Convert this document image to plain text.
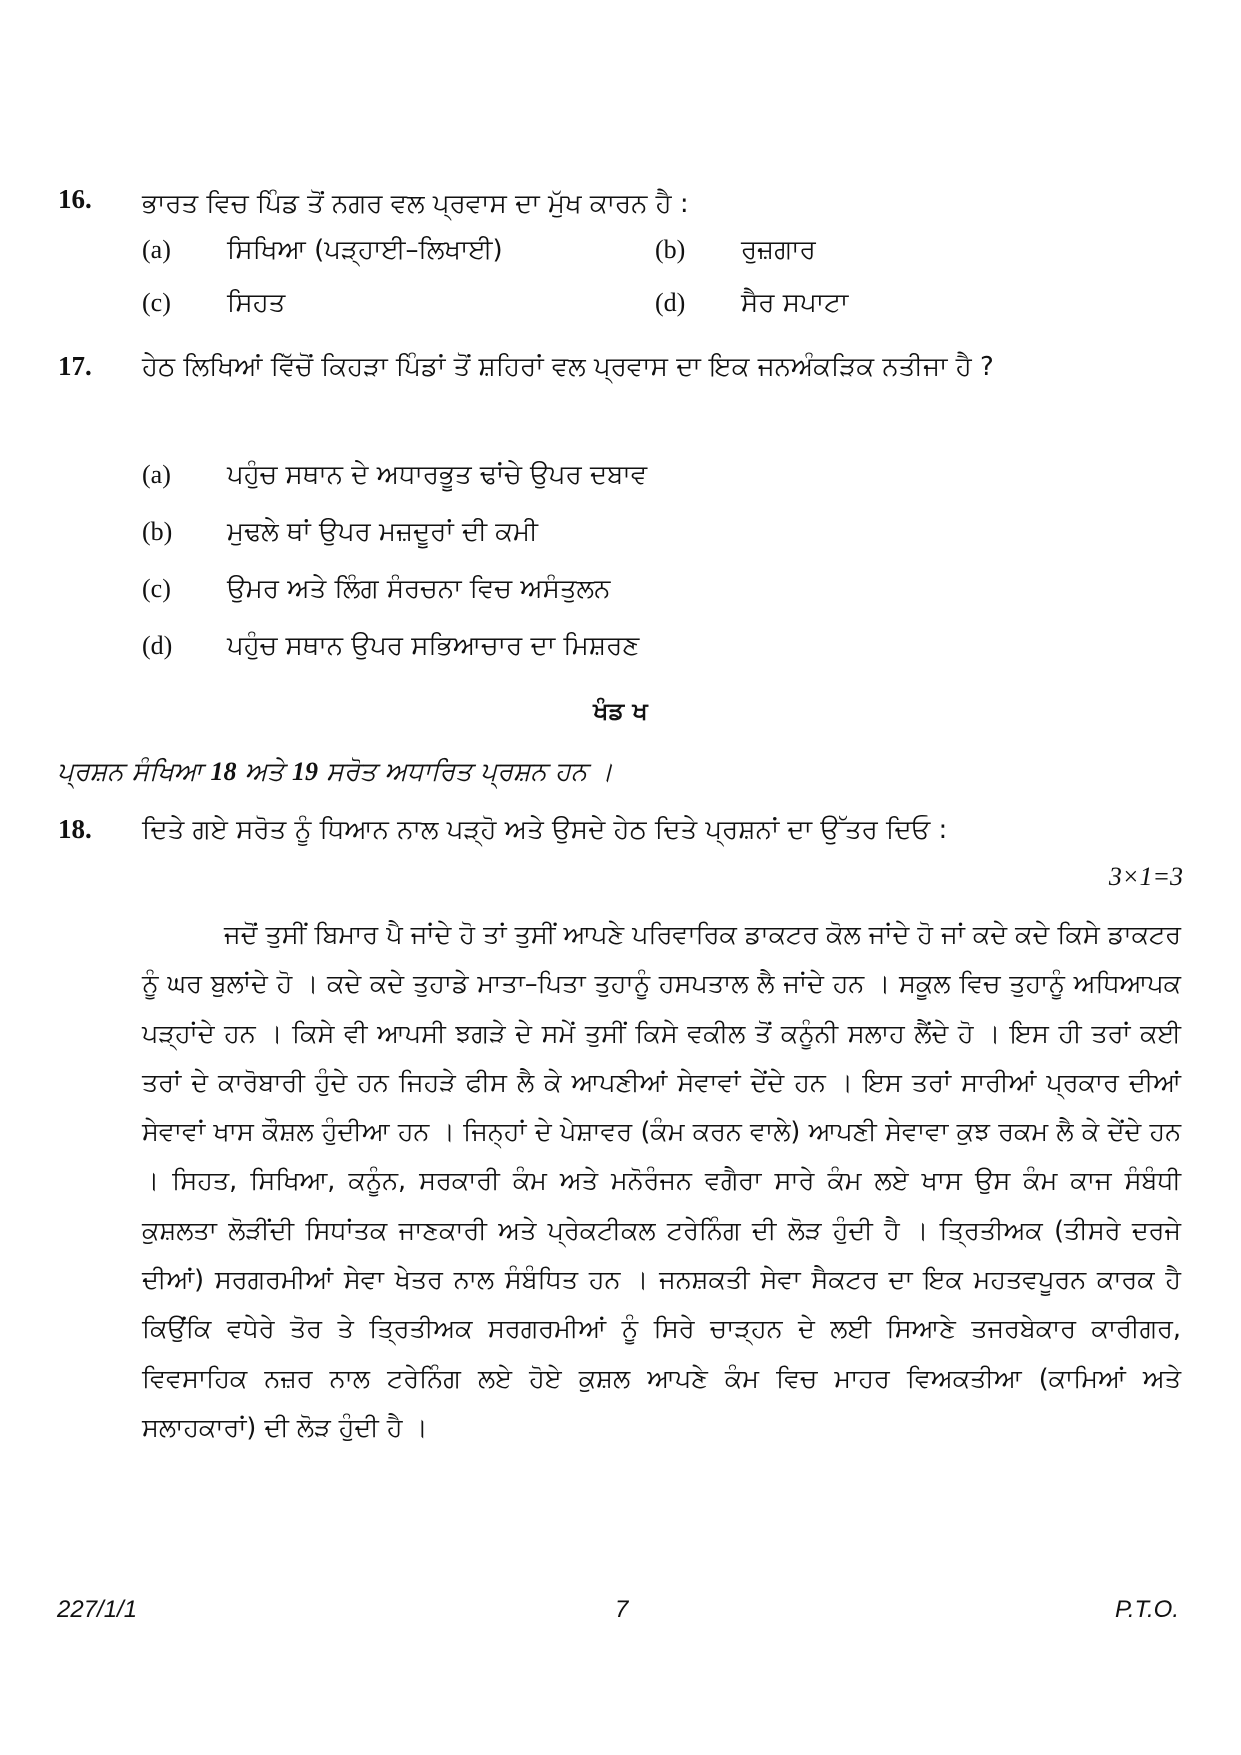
16. ਭਾਰਤ ਵਿਚ ਪਿੰਡ ਤੋਂ ਨਗਰ ਵਲ ਪ੍ਰਵਾਸ ਦਾ ਮੁੱਖ ਕਾਰਨ ਹੈ :
(a) ਸਿਖਿਆ (ਪੜ੍ਹਾਈ–ਲਿਖਾਈ)	(b) ਰੁਜ਼ਗਾਰ
(c) ਸਿਹਤ	(d) ਸੈਰ ਸਪਾਟਾ
17. ਹੇਠ ਲਿਖਿਆਂ ਵਿੱਚੋਂ ਕਿਹੜਾ ਪਿੰਡਾਂ ਤੋਂ ਸ਼ਹਿਰਾਂ ਵਲ ਪ੍ਰਵਾਸ ਦਾ ਇਕ ਜਨਅੰਕੜਿਕ ਨਤੀਜਾ ਹੈ ?
(a) ਪਹੁੰਚ ਸਥਾਨ ਦੇ ਅਧਾਰਭੂਤ ਢਾਂਚੇ ਉਪਰ ਦਬਾਵ
(b) ਮੁਢਲੇ ਥਾਂ ਉਪਰ ਮਜ਼ਦੂਰਾਂ ਦੀ ਕਮੀ
(c) ਉਮਰ ਅਤੇ ਲਿੰਗ ਸੰਰਚਨਾ ਵਿਚ ਅਸੰਤੁਲਨ
(d) ਪਹੁੰਚ ਸਥਾਨ ਉਪਰ ਸਭਿਆਚਾਰ ਦਾ ਮਿਸ਼ਰਣ
ਖੰਡ ਖ
ਪ੍ਰਸ਼ਨ ਸੰਖਿਆ 18 ਅਤੇ 19 ਸਰੋਤ ਅਧਾਰਿਤ ਪ੍ਰਸ਼ਨ ਹਨ ।
18. ਦਿਤੇ ਗਏ ਸਰੋਤ ਨੂੰ ਧਿਆਨ ਨਾਲ ਪੜ੍ਹੋ ਅਤੇ ਉਸਦੇ ਹੇਠ ਦਿਤੇ ਪ੍ਰਸ਼ਨਾਂ ਦਾ ਉੱਤਰ ਦਿਓ :
3×1=3
ਜਦੋਂ ਤੁਸੀਂ ਬਿਮਾਰ ਪੈ ਜਾਂਦੇ ਹੋ ਤਾਂ ਤੁਸੀਂ ਆਪਣੇ ਪਰਿਵਾਰਿਕ ਡਾਕਟਰ ਕੋਲ ਜਾਂਦੇ ਹੋ ਜਾਂ ਕਦੇ ਕਦੇ ਕਿਸੇ ਡਾਕਟਰ ਨੂੰ ਘਰ ਬੁਲਾਂਦੇ ਹੋ । ਕਦੇ ਕਦੇ ਤੁਹਾਡੇ ਮਾਤਾ–ਪਿਤਾ ਤੁਹਾਨੂੰ ਹਸਪਤਾਲ ਲੈ ਜਾਂਦੇ ਹਨ । ਸਕੂਲ ਵਿਚ ਤੁਹਾਨੂੰ ਅਧਿਆਪਕ ਪੜ੍ਹਾਂਦੇ ਹਨ । ਕਿਸੇ ਵੀ ਆਪਸੀ ਝਗੜੇ ਦੇ ਸਮੇਂ ਤੁਸੀਂ ਕਿਸੇ ਵਕੀਲ ਤੋਂ ਕਨੂੰਨੀ ਸਲਾਹ ਲੈਂਦੇ ਹੋ । ਇਸ ਹੀ ਤਰਾਂ ਕਈ ਤਰਾਂ ਦੇ ਕਾਰੋਬਾਰੀ ਹੁੰਦੇ ਹਨ ਜਿਹੜੇ ਫੀਸ ਲੈ ਕੇ ਆਪਣੀਆਂ ਸੇਵਾਵਾਂ ਦੇਂਦੇ ਹਨ । ਇਸ ਤਰਾਂ ਸਾਰੀਆਂ ਪ੍ਰਕਾਰ ਦੀਆਂ ਸੇਵਾਵਾਂ ਖਾਸ ਕੌਸ਼ਲ ਹੁੰਦੀਆ ਹਨ । ਜਿਨ੍ਹਾਂ ਦੇ ਪੇਸ਼ਾਵਰ (ਕੰਮ ਕਰਨ ਵਾਲੇ) ਆਪਣੀ ਸੇਵਾਵਾ ਕੁਝ ਰਕਮ ਲੈ ਕੇ ਦੇਂਦੇ ਹਨ । ਸਿਹਤ, ਸਿਖਿਆ, ਕਨੂੰਨ, ਸਰਕਾਰੀ ਕੰਮ ਅਤੇ ਮਨੋਰੰਜਨ ਵਗੈਰਾ ਸਾਰੇ ਕੰਮ ਲਏ ਖਾਸ ਉਸ ਕੰਮ ਕਾਜ ਸੰਬੰਧੀ ਕੁਸ਼ਲਤਾ ਲੋੜੀਂਦੀ ਸਿਧਾਂਤਕ ਜਾਣਕਾਰੀ ਅਤੇ ਪ੍ਰੇਕਟੀਕਲ ਟਰੇਨਿੰਗ ਦੀ ਲੋੜ ਹੁੰਦੀ ਹੈ । ਤ੍ਰਿਤੀਅਕ (ਤੀਸਰੇ ਦਰਜੇ ਦੀਆਂ) ਸਰਗਰਮੀਆਂ ਸੇਵਾ ਖੇਤਰ ਨਾਲ ਸੰਬੰਧਿਤ ਹਨ । ਜਨਸ਼ਕਤੀ ਸੇਵਾ ਸੈਕਟਰ ਦਾ ਇਕ ਮਹਤਵਪੂਰਨ ਕਾਰਕ ਹੈ ਕਿਉਂਕਿ ਵਧੇਰੇ ਤੋਰ ਤੇ ਤ੍ਰਿਤੀਅਕ ਸਰਗਰਮੀਆਂ ਨੂੰ ਸਿਰੇ ਚਾੜ੍ਹਨ ਦੇ ਲਈ ਸਿਆਣੇ ਤਜਰਬੇਕਾਰ ਕਾਰੀਗਰ, ਵਿਵਸਾਹਿਕ ਨਜ਼ਰ ਨਾਲ ਟਰੇਨਿੰਗ ਲਏ ਹੋਏ ਕੁਸ਼ਲ ਆਪਣੇ ਕੰਮ ਵਿਚ ਮਾਹਰ ਵਿਅਕਤੀਆ (ਕਾਮਿਆਂ ਅਤੇ ਸਲਾਹਕਾਰਾਂ) ਦੀ ਲੋੜ ਹੁੰਦੀ ਹੈ ।
227/1/1	7	P.T.O.
